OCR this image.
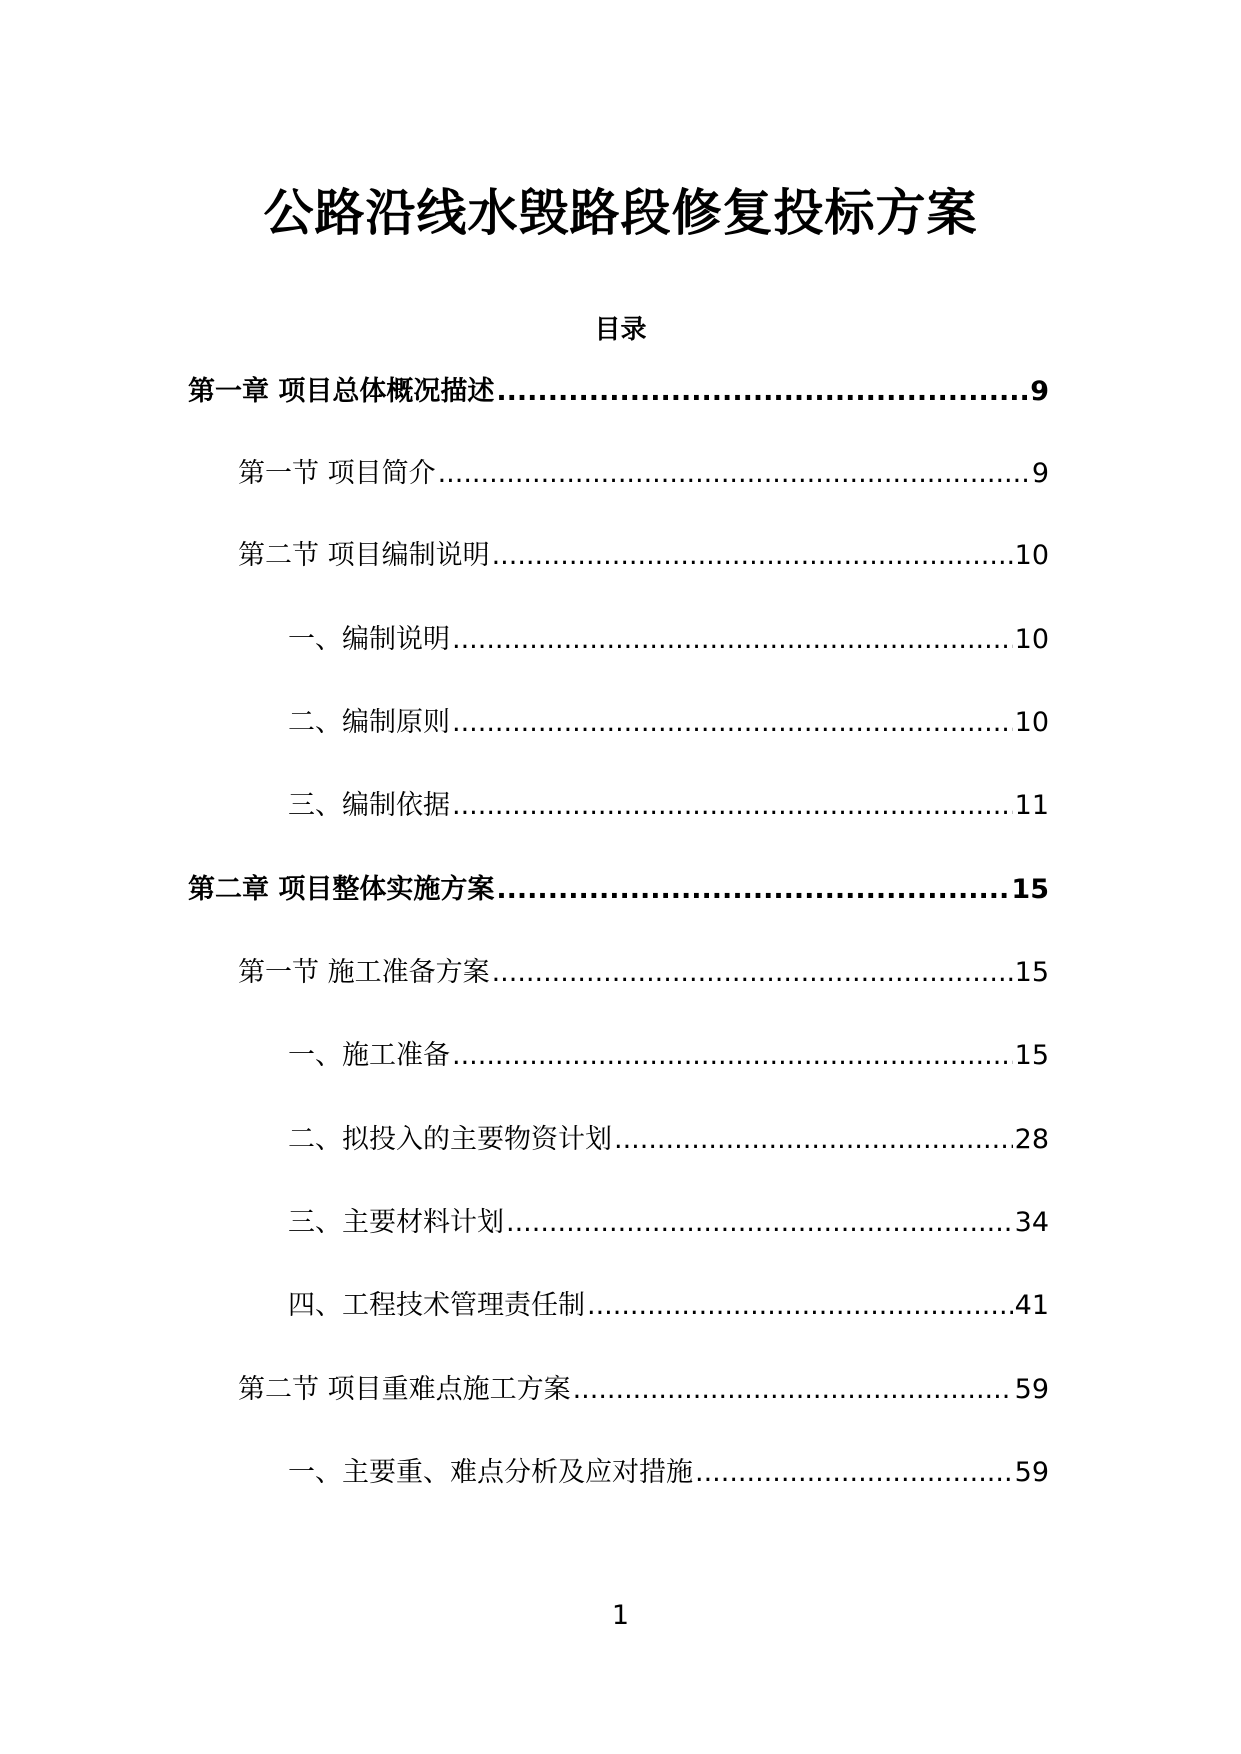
公路沿线水毁路段修复投标方案
目录
第一章 项目总体概况描述 .....	9
第一节 项目简介 .....	9
第二节 项目编制说明 .....	10
一、编制说明 .....	10
二、编制原则 .....	10
三、编制依据 .....	11
第二章 项目整体实施方案 .....	15
第一节 施工准备方案 .....	15
一、施工准备 .....	15
二、拟投入的主要物资计划 .....	28
三、主要材料计划 .....	34
四、工程技术管理责任制 .....	41
第二节 项目重难点施工方案 .....	59
一、主要重、难点分析及应对措施 .....	59
1
